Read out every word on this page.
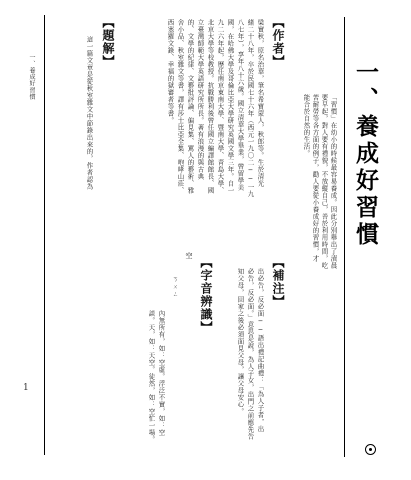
一、養成好習慣
「習慣」在幼小的時候最容易養成。因此分別舉出了漬晨
要早起，對人要有禮貌，不放縱自己，善於利用時間，吃
苦耐勞等各方面的例子，勸人要從小養成好的習慣，才
能合於自然的生活。
【作者】
梁實秋，原名治華，筆名希寶蒙人，秋郎等。生於清光
緒二十八年，卒於民國七十六年（西元一九〇二──一九
八七年），享年八十六歲。國立清華大學畢業，曾留學美
國，在哈佛大學及哥倫比亞大學研究英國文學三年。自一
九二六年起，歷任南京東南大學、暨南大學、青島大學、
北京大學等校教授。抗戰勝利後曾任國立編譯館館長、國
立臺灣師範大學英語研究所所長。著有浪漫的與古典
的、文學的紀律、文藝批評論、偏見集、罵人的藝術、雅
舍小品、秋室雜文等書，譯有莎士比亞全集、咆哮山莊、
西塞羅文錄、幸福的獄審者等書。
【補注】
出必告，反必面──語出禮記曲禮：「為人子者，出
必告，反必面。」意思是說，為人子女，出門之前應先告
知父母，回家之後必須面見父母，讓父母安心。
【字音辨識】
空
ㄎㄨㄥ
內無所有，如：空虛。浮泛不實，如：空
談。天，如：天空。徒然，如：空忙一場。
【題解】
這一篇文章是從秋室雜文中節錄出來的，作者認為
一、養成好習慣
1
